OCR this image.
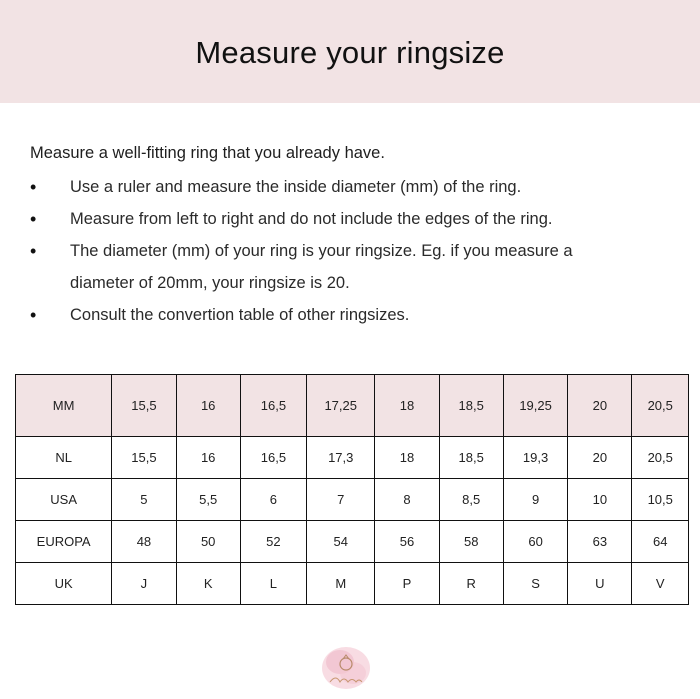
Measure your ringsize

Measure a well-fitting ring that you already have.

• Use a ruler and measure the inside diameter (mm) of the ring.
• Measure from left to right and do not include the edges of the ring.
• The diameter (mm) of your ring is your ringsize. Eg. if you measure a diameter of 20mm, your ringsize is 20.
• Consult the convertion table of other ringsizes.
MM	15,5	16	16,5	17,25	18	18,5	19,25	20	20,5
NL	15,5	16	16,5	17,3	18	18,5	19,3	20	20,5
USA	5	5,5	6	7	8	8,5	9	10	10,5
EUROPA	48	50	52	54	56	58	60	63	64
UK	J	K	L	M	P	R	S	U	V
